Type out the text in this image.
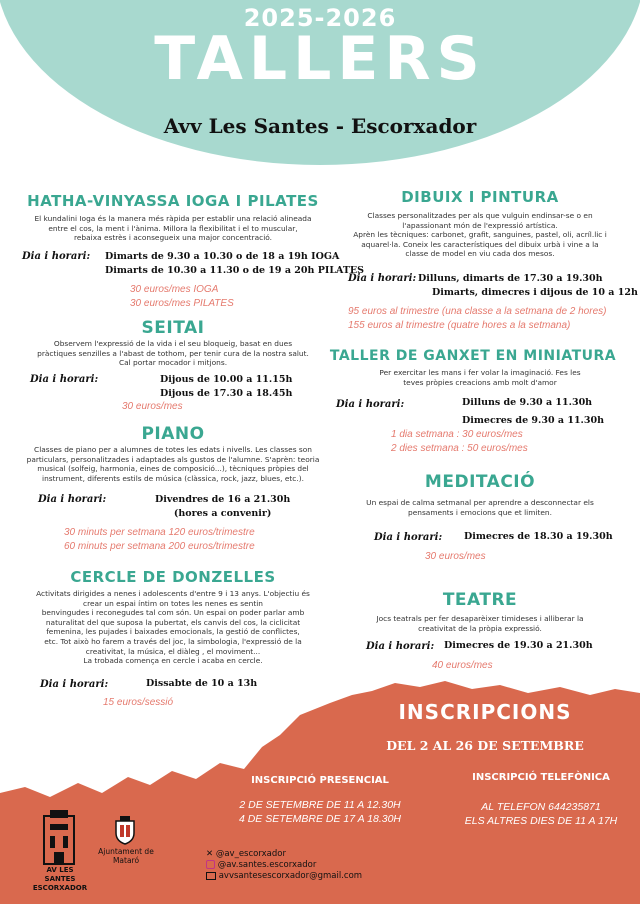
2025-2026
TALLERS
Avv Les Santes - Escorxador
HATHA-VINYASSA IOGA I PILATES
El kundalini Ioga és la manera més ràpida per establir una relació alineada
entre el cos, la ment i l'ànima. Millora la flexibilitat i el to muscular,
rebaixa estrès i aconsegueix una major concentració.
Dia i horari: Dimarts de 9.30 a 10.30 o de 18 a 19h IOGA
Dimarts de 10.30 a 11.30 o de 19 a 20h PILATES
30 euros/mes IOGA
30 euros/mes PILATES
SEITAI
Observem l'expressió de la vida i el seu bloqueig, basat en dues
pràctiques senzilles a l'abast de tothom, per tenir cura de la nostra salut.
Cal portar mocador i mitjons.
Dia i horari:	Dijous de 10.00 a 11.15h
Dijous de 17.30 a 18.45h
30 euros/mes
PIANO
Classes de piano per a alumnes de totes les edats i nivells. Les classes son
particulars, personalitzades i adaptades als gustos de l'alumne. S'aprèn: teoria
musical (solfeig, harmonia, eines de composició...), tècniques pròpies del
instrument, diferents estils de música (clàssica, rock, jazz, blues, etc.).
Dia i horari:	Divendres de 16 a 21.30h
(hores a convenir)
30 minuts per setmana 120 euros/trimestre
60 minuts per setmana 200 euros/trimestre
CERCLE DE DONZELLES
Activitats dirigides a nenes i adolescents d'entre 9 i 13 anys. L'objectiu és
crear un espai íntim on totes les nenes es sentin
benvingudes i reconegudes tal com són. Un espai on poder parlar amb
naturalitat del que suposa la pubertat, els canvis del cos, la ciclicitat
femenina, les pujades i baixades emocionals, la gestió de conflictes,
etc. Tot això ho farem a través del joc, la simbologia, l'expressió de la
creativitat, la música, el diàleg , el moviment...
La trobada comença en cercle i acaba en cercle.
Dia i horari:	Dissabte de 10 a 13h
15 euros/sessió
DIBUIX I PINTURA
Classes personalitzades per als que vulguin endinsar-se o en
l'apassionant món de l'expressió artística.
Aprèn les tècniques: carbonet, grafit, sanguines, pastel, oli, acríl.lic i
aquarel·la. Coneix les característiques del dibuix urbà i vine a la
classe de model en viu cada dos mesos.
Dia i horari: Dilluns, dimarts de 17.30 a 19.30h
Dimarts, dimecres i dijous de 10 a 12h
95 euros al trimestre (una classe a la setmana de 2 hores)
155 euros al trimestre (quatre hores a la setmana)
TALLER DE GANXET EN MINIATURA
Per exercitar les mans i fer volar la imaginació. Fes les
teves pròpies creacions amb molt d'amor
Dia i horari:	Dilluns de 9.30 a 11.30h
Dimecres de 9.30 a 11.30h
1 dia setmana : 30 euros/mes
2 dies setmana : 50 euros/mes
MEDITACIÓ
Un espai de calma setmanal per aprendre a desconnectar els
pensaments i emocions que et limiten.
Dia i horari: Dimecres de 18.30 a 19.30h
30 euros/mes
TEATRE
Jocs teatrals per fer desaparèixer timideses i alliberar la
creativitat de la pròpia expressió.
Dia i horari: Dimecres de 19.30 a 21.30h
40 euros/mes
INSCRIPCIONS
DEL 2 AL 26 DE SETEMBRE
INSCRIPCIÓ PRESENCIAL
2 DE SETEMBRE DE 11 A 12.30H
4 DE SETEMBRE DE 17 A 18.30H
INSCRIPCIÓ TELEFÒNICA
AL TELEFON 644235871
ELS ALTRES DIES DE 11 A 17H
AV LES SANTES
ESCORXADOR
Ajuntament de Mataró
✕ @av_escorxador
@av.santes.escorxador
avvsantesescorxador@gmail.com
